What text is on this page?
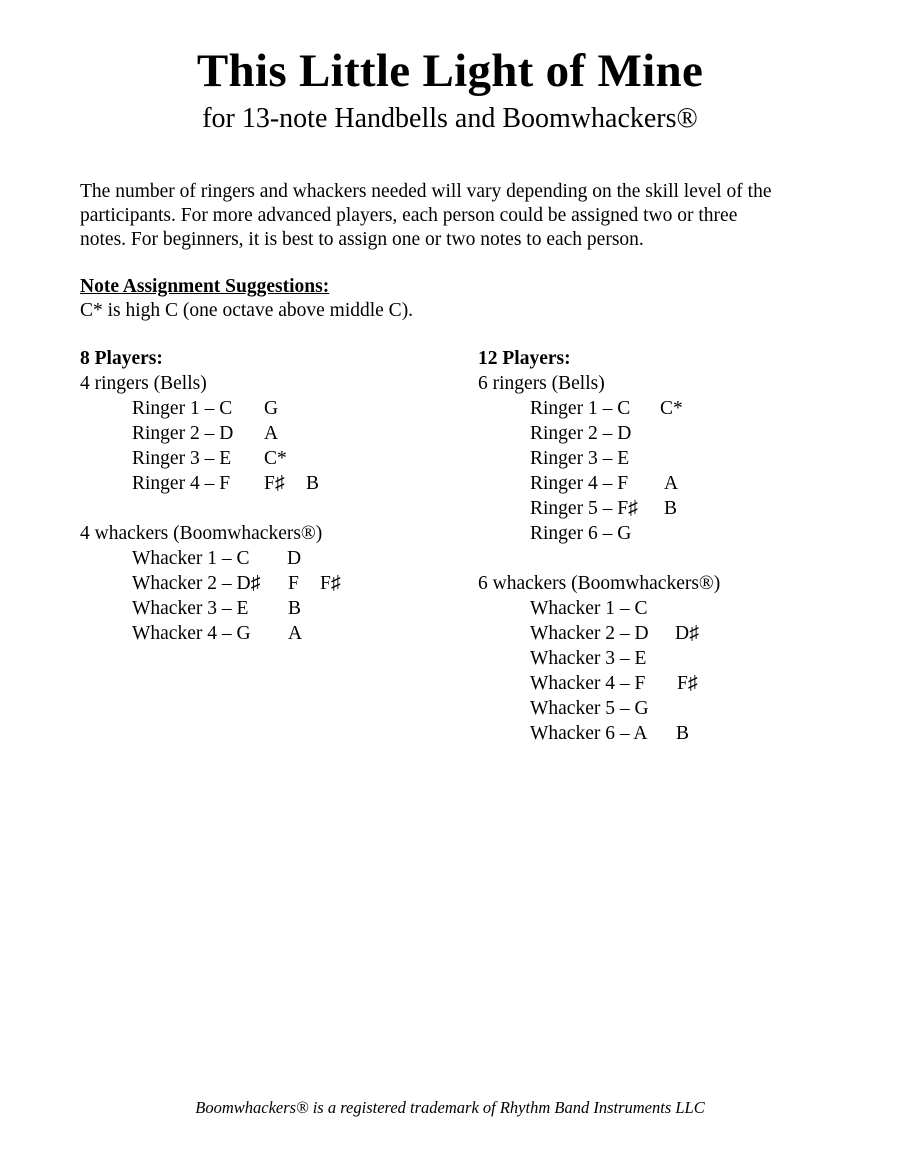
This Little Light of Mine
for 13-note Handbells and Boomwhackers®
The number of ringers and whackers needed will vary depending on the skill level of the
participants. For more advanced players, each person could be assigned two or three
notes. For beginners, it is best to assign one or two notes to each person.
Note Assignment Suggestions:
C* is high C (one octave above middle C).
8 Players:
4 ringers (Bells)
Ringer 1 – C G
Ringer 2 – D A
Ringer 3 – E C*
Ringer 4 – F F♯ B
4 whackers (Boomwhackers®)
Whacker 1 – C D
Whacker 2 – D♯ F F♯
Whacker 3 – E B
Whacker 4 – G A
12 Players:
6 ringers (Bells)
Ringer 1 – C C*
Ringer 2 – D
Ringer 3 – E
Ringer 4 – F A
Ringer 5 – F♯ B
Ringer 6 – G
6 whackers (Boomwhackers®)
Whacker 1 – C
Whacker 2 – D D♯
Whacker 3 – E
Whacker 4 – F F♯
Whacker 5 – G
Whacker 6 – A B
Boomwhackers® is a registered trademark of Rhythm Band Instruments LLC
